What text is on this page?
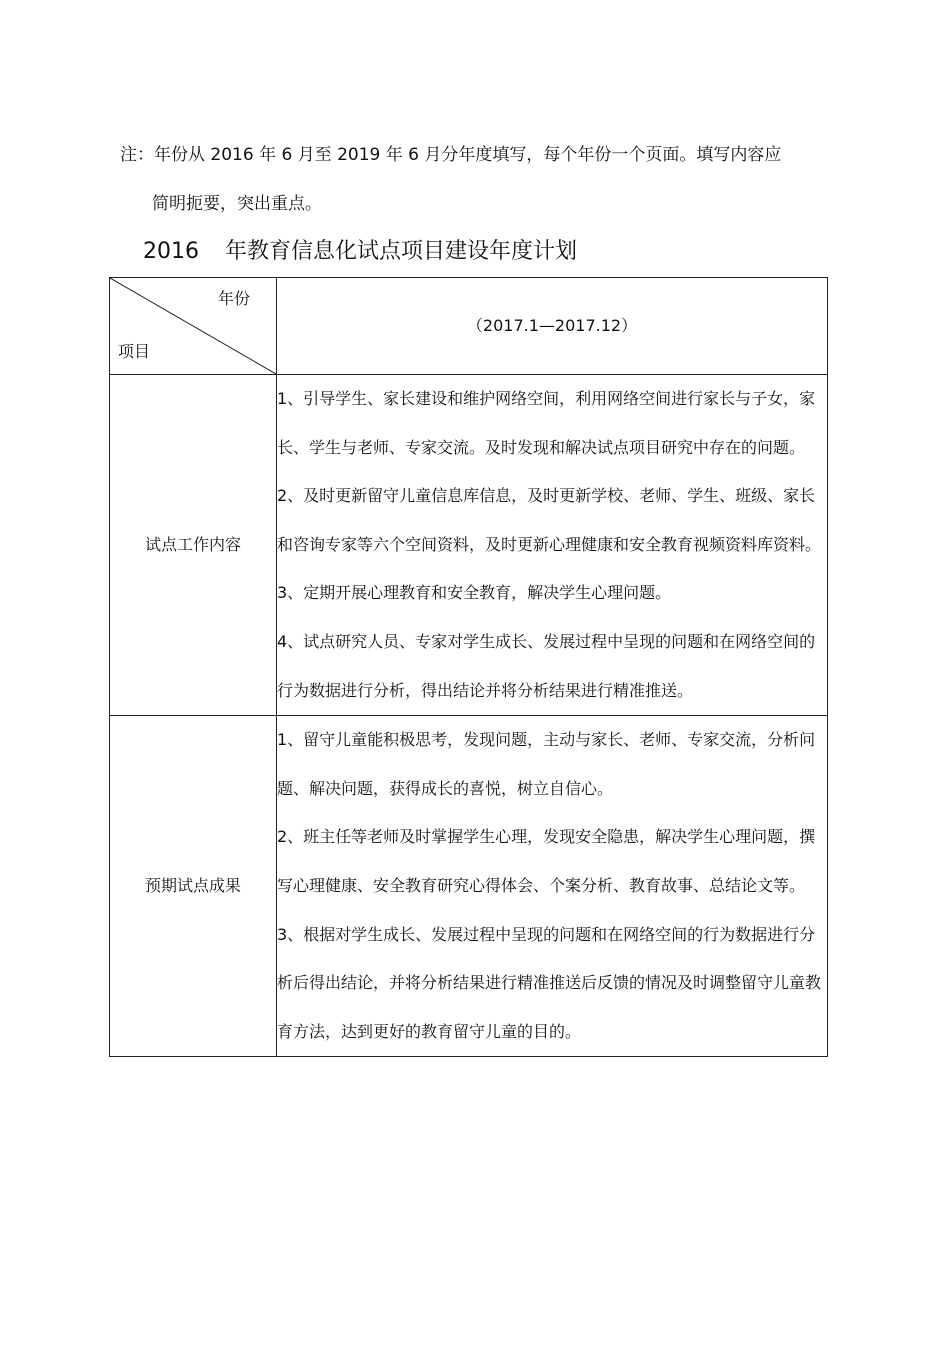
注：年份从 2016 年 6 月至 2019 年 6 月分年度填写，每个年份一个页面。填写内容应
简明扼要，突出重点。
2016 年教育信息化试点项目建设年度计划
年份
项目	（2017.1—2017.12）
试点工作内容	1、引导学生、家长建设和维护网络空间，利用网络空间进行家长与子女，家长、学生与老师、专家交流。及时发现和解决试点项目研究中存在的问题。

2、及时更新留守儿童信息库信息，及时更新学校、老师、学生、班级、家长和咨询专家等六个空间资料，及时更新心理健康和安全教育视频资料库资料。

3、定期开展心理教育和安全教育，解决学生心理问题。

4、试点研究人员、专家对学生成长、发展过程中呈现的问题和在网络空间的行为数据进行分析，得出结论并将分析结果进行精准推送。

预期试点成果	1、留守儿童能积极思考，发现问题，主动与家长、老师、专家交流，分析问题、解决问题，获得成长的喜悦，树立自信心。

2、班主任等老师及时掌握学生心理，发现安全隐患，解决学生心理问题，撰写心理健康、安全教育研究心得体会、个案分析、教育故事、总结论文等。

3、根据对学生成长、发展过程中呈现的问题和在网络空间的行为数据进行分析后得出结论，并将分析结果进行精准推送后反馈的情况及时调整留守儿童教育方法，达到更好的教育留守儿童的目的。
